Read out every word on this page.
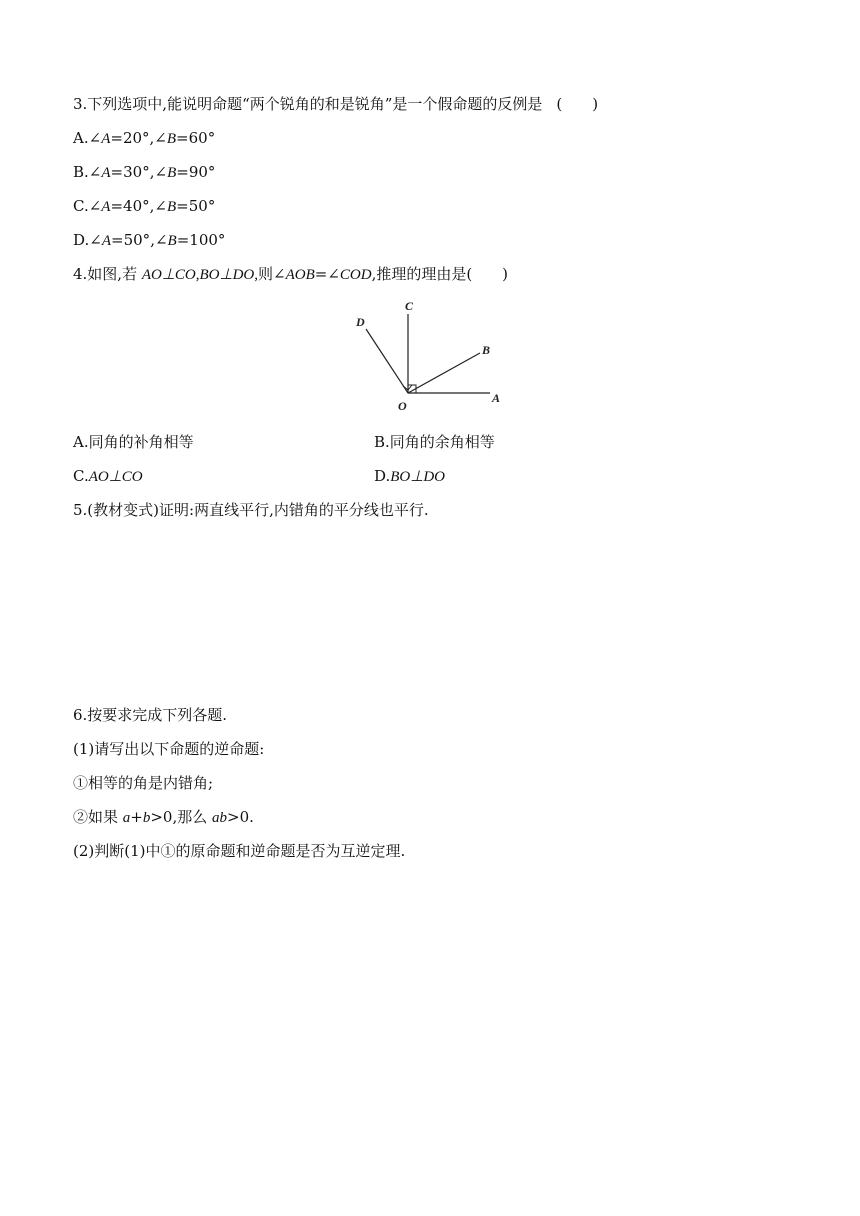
3.下列选项中,能说明命题“两个锐角的和是锐角”是一个假命题的反例是 (　　)
A.∠A=20°,∠B=60°
B.∠A=30°,∠B=90°
C.∠A=40°,∠B=50°
D.∠A=50°,∠B=100°
4.如图,若 AO⊥CO,BO⊥DO,则∠AOB=∠COD,推理的理由是(　　)
C
D
B
A
O
A.同角的补角相等	B.同角的余角相等
C.AO⊥CO	D.BO⊥DO
5.(教材变式)证明:两直线平行,内错角的平分线也平行.
6.按要求完成下列各题.
(1)请写出以下命题的逆命题:
①相等的角是内错角;
②如果 a+b>0,那么 ab>0.
(2)判断(1)中①的原命题和逆命题是否为互逆定理.
